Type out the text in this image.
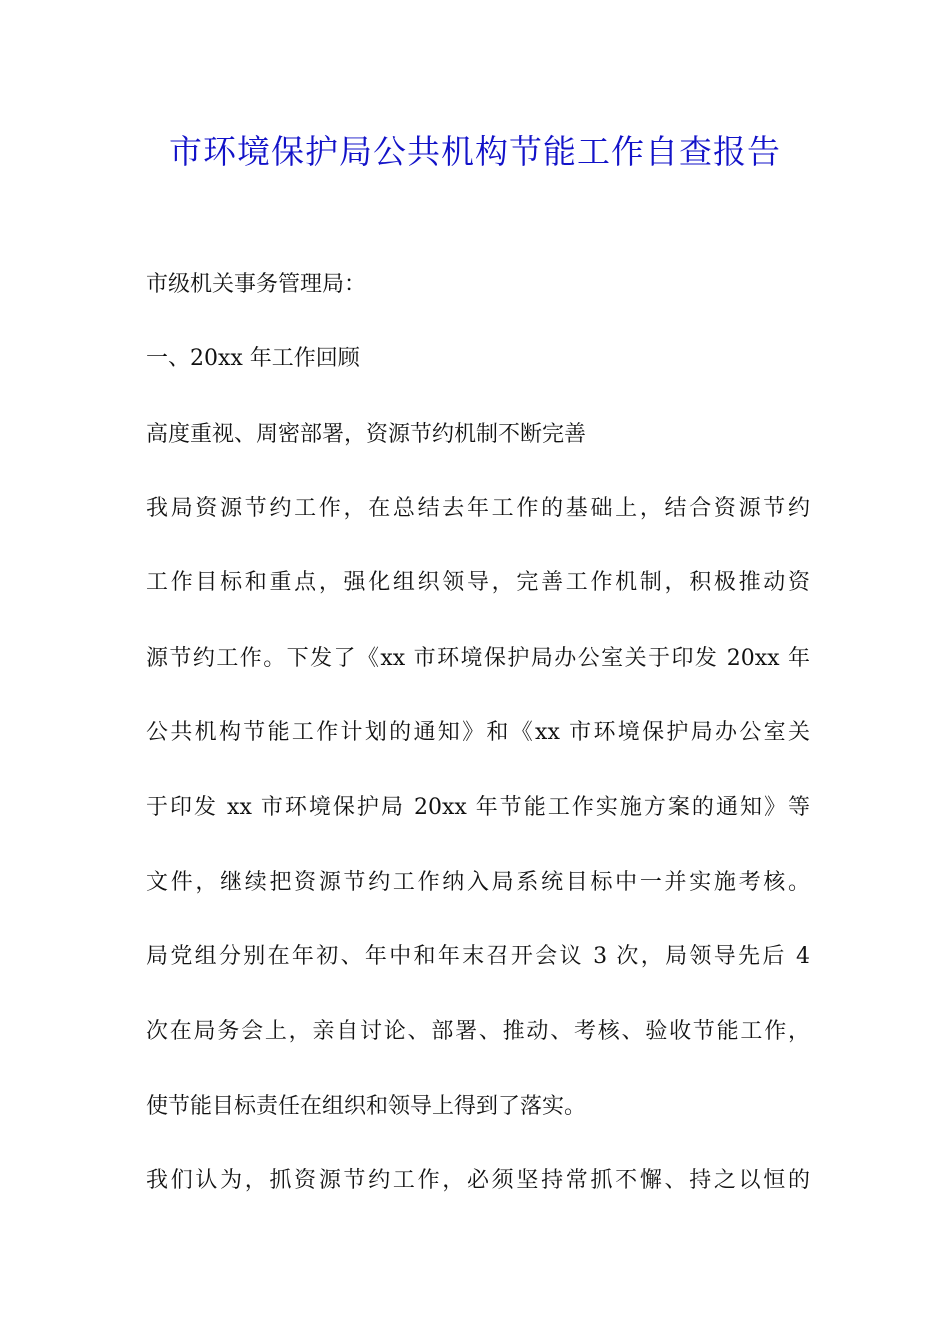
市环境保护局公共机构节能工作自查报告
市级机关事务管理局：
一、20xx 年工作回顾
高度重视、周密部署，资源节约机制不断完善
我局资源节约工作，在总结去年工作的基础上，结合资源节约
工作目标和重点，强化组织领导，完善工作机制，积极推动资
源节约工作。下发了《xx 市环境保护局办公室关于印发 20xx 年
公共机构节能工作计划的通知》和《xx 市环境保护局办公室关
于印发 xx 市环境保护局 20xx 年节能工作实施方案的通知》等
文件，继续把资源节约工作纳入局系统目标中一并实施考核。
局党组分别在年初、年中和年末召开会议 3 次，局领导先后 4
次在局务会上，亲自讨论、部署、推动、考核、验收节能工作，
使节能目标责任在组织和领导上得到了落实。
我们认为，抓资源节约工作，必须坚持常抓不懈、持之以恒的
